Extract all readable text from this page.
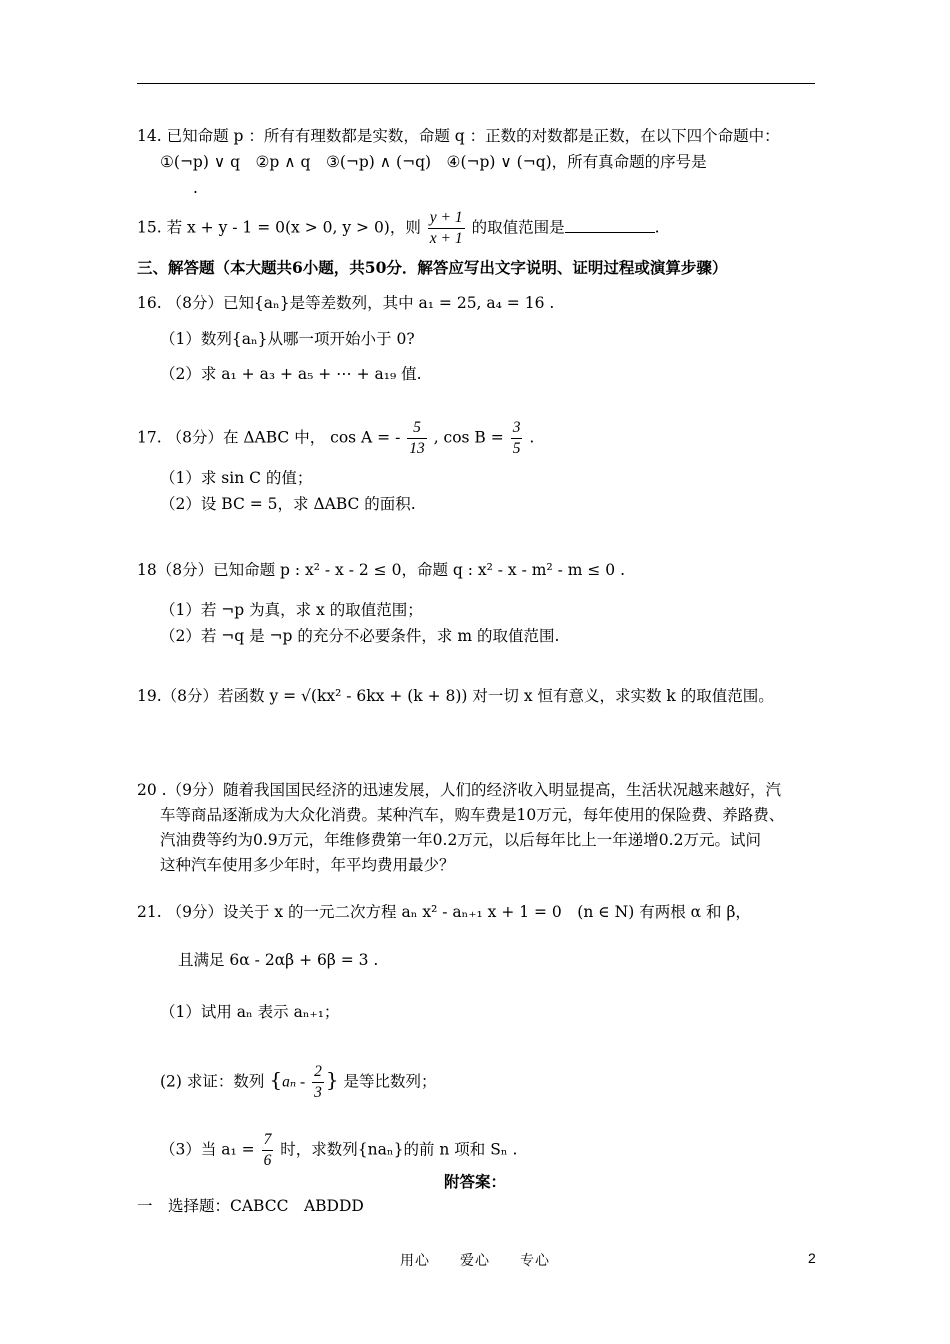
14. 已知命题 p ：所有有理数都是实数，命题 q ：正数的对数都是正数，在以下四个命题中：
①(¬p) ∨ q　②p ∧ q　③(¬p) ∧ (¬q)　④(¬p) ∨ (¬q)，所有真命题的序号是
.
15. 若 x + y - 1 = 0(x > 0, y > 0)，则 $\frac{y + 1}{x + 1}$ 的取值范围是	.
三、解答题（本大题共6小题，共50分．解答应写出文字说明、证明过程或演算步骤）
16. （8分）已知{aₙ}是等差数列，其中 a₁ = 25, a₄ = 16 .
（1）数列{aₙ}从哪一项开始小于 0?
（2）求 a₁ + a₃ + a₅ + ⋯ + a₁₉ 值.
17. （8分）在 ΔABC 中， cos A = - $\frac{5}{13}$ , $\cos B = \frac{3}{5}$ .
（1）求 sin C 的值；
（2）设 BC = 5，求 ΔABC 的面积.
18（8分）已知命题 p : x² - x - 2 ≤ 0，命题 q : x² - x - m² - m ≤ 0 .
（1）若 ¬p 为真，求 x 的取值范围；
（2）若 ¬q 是 ¬p 的充分不必要条件，求 m 的取值范围.
19.（8分）若函数 y = √(kx² - 6kx + (k + 8)) 对一切 x 恒有意义，求实数 k 的取值范围。
20 .（9分）随着我国国民经济的迅速发展，人们的经济收入明显提高，生活状况越来越好，汽
车等商品逐渐成为大众化消费。某种汽车，购车费是10万元，每年使用的保险费、养路费、
汽油费等约为0.9万元，年维修费第一年0.2万元，以后每年比上一年递增0.2万元。试问
这种汽车使用多少年时，年平均费用最少？
21. （9分）设关于 x 的一元二次方程 aₙ x² - aₙ₊₁ x + 1 = 0　(n ∈ N) 有两根 α 和 β，
且满足 6α - 2αβ + 6β = 3 .
（1）试用 aₙ 表示 aₙ₊₁；
(2) 求证：数列 {$a_n - \frac{2}{3}$ } 是等比数列；
（3）当 $a_1 = \frac{7}{6}$ 时，求数列{naₙ}的前 n 项和 Sₙ .
附答案：
一　选择题：CABCC　ABDDD
用心　　爱心　　专心	2
